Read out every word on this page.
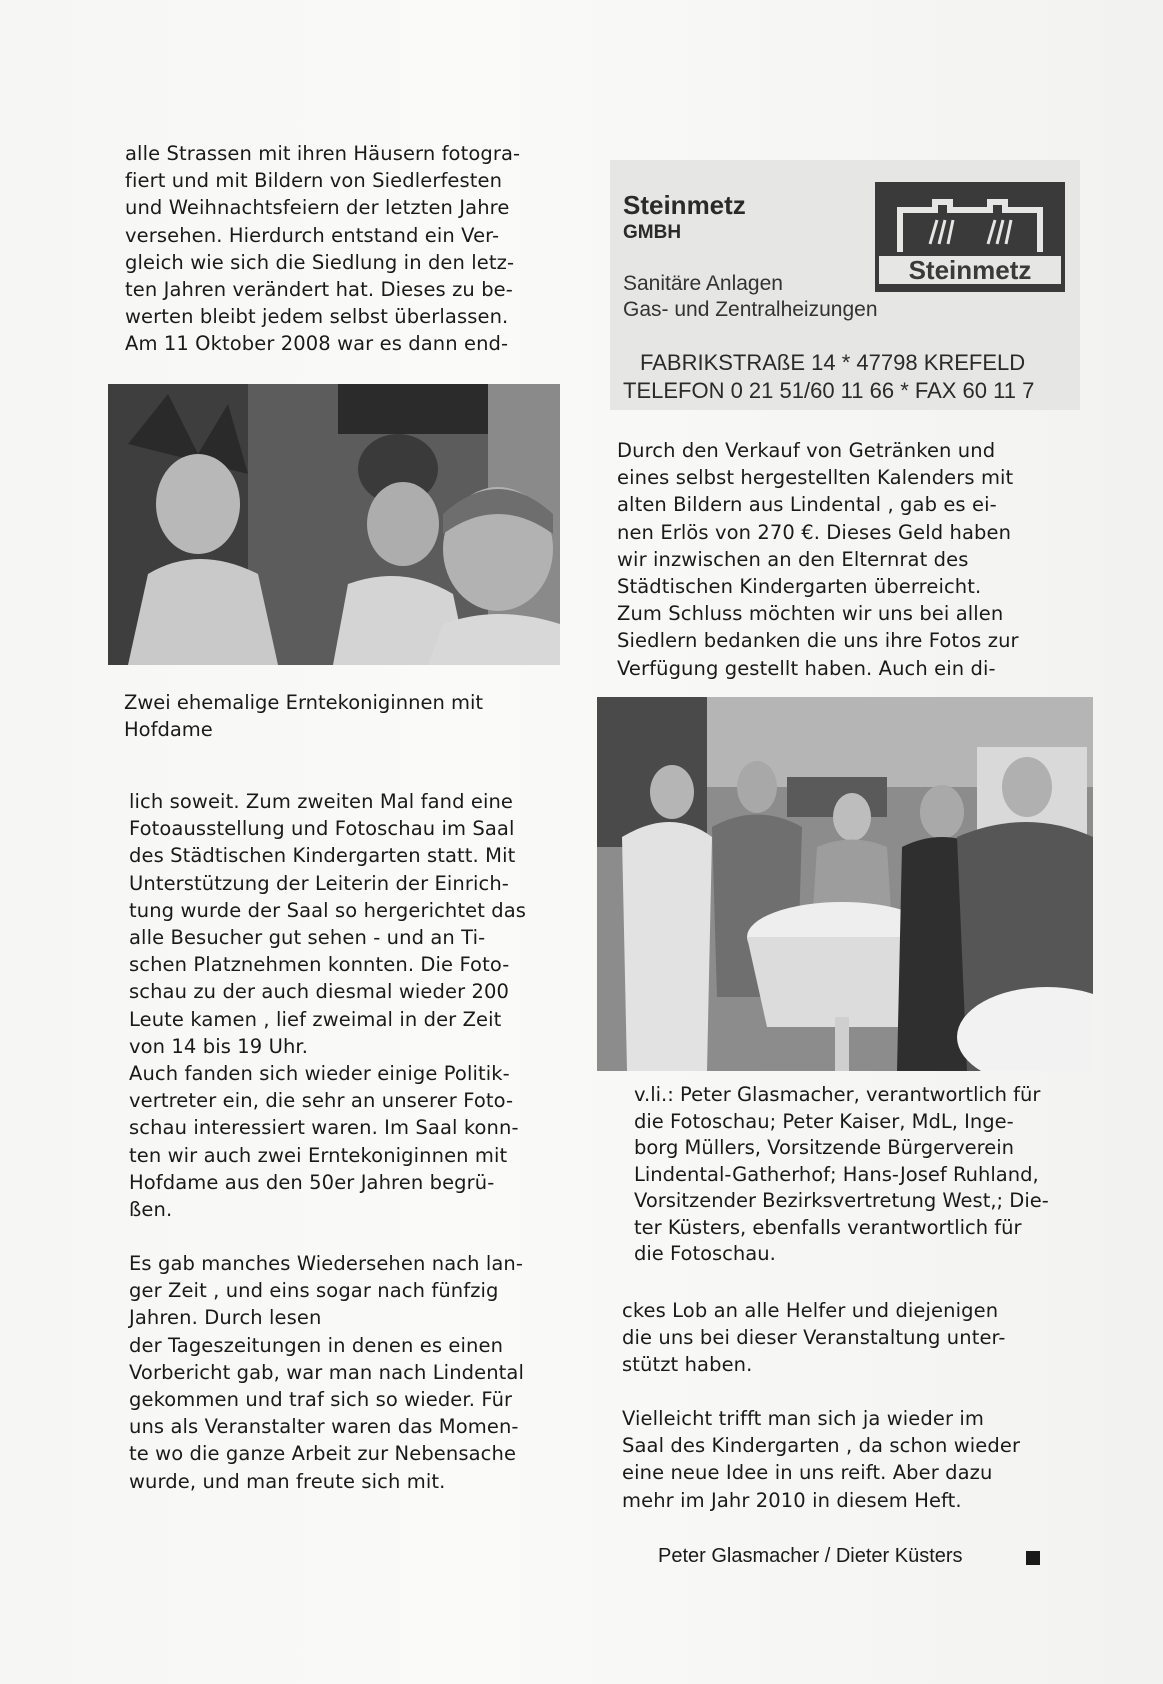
alle Strassen mit ihren Häusern fotogra-
fiert und mit Bildern von Siedlerfesten
und Weihnachtsfeiern der letzten Jahre
versehen. Hierdurch entstand ein Ver-
gleich wie sich die Siedlung in den letz-
ten Jahren verändert hat. Dieses zu be-
werten bleibt jedem selbst überlassen.
Am 11 Oktober 2008 war es dann end-
Zwei ehemalige Erntekoniginnen mit
Hofdame
lich soweit. Zum zweiten Mal fand eine
Fotoausstellung und Fotoschau im Saal
des Städtischen Kindergarten statt. Mit
Unterstützung der Leiterin der Einrich-
tung wurde der Saal so hergerichtet das
alle Besucher gut sehen - und an Ti-
schen Platznehmen konnten. Die Foto-
schau zu der auch diesmal wieder 200
Leute kamen , lief zweimal in der Zeit
von 14 bis 19 Uhr.
Auch fanden sich wieder einige Politik-
vertreter ein, die sehr an unserer Foto-
schau interessiert waren. Im Saal konn-
ten wir auch zwei Erntekoniginnen mit
Hofdame aus den 50er Jahren begrü-
ßen.
Es gab manches Wiedersehen nach lan-
ger Zeit , und eins sogar nach fünfzig
Jahren. Durch lesen
der Tageszeitungen in denen es einen
Vorbericht gab, war man nach Lindental
gekommen und traf sich so wieder. Für
uns als Veranstalter waren das Momen-
te wo die ganze Arbeit zur Nebensache
wurde, und man freute sich mit.
Steinmetz
GMBH
Steinmetz
Sanitäre Anlagen
Gas- und Zentralheizungen
FABRIKSTRAßE 14 * 47798 KREFELD
TELEFON 0 21 51/60 11 66 * FAX 60 11 7
Durch den Verkauf von Getränken und
eines selbst hergestellten Kalenders mit
alten Bildern aus Lindental , gab es ei-
nen Erlös von 270 €. Dieses Geld haben
wir inzwischen an den Elternrat des
Städtischen Kindergarten überreicht.
Zum Schluss möchten wir uns bei allen
Siedlern bedanken die uns ihre Fotos zur
Verfügung gestellt haben. Auch ein di-
v.li.: Peter Glasmacher, verantwortlich für
die Fotoschau; Peter Kaiser, MdL, Inge-
borg Müllers, Vorsitzende Bürgerverein
Lindental-Gatherhof; Hans-Josef Ruhland,
Vorsitzender Bezirksvertretung West,; Die-
ter Küsters, ebenfalls verantwortlich für
die Fotoschau.
ckes Lob an alle Helfer und diejenigen
die uns bei dieser Veranstaltung unter-
stützt haben.
Vielleicht trifft man sich ja wieder im
Saal des Kindergarten , da schon wieder
eine neue Idee in uns reift. Aber dazu
mehr im Jahr 2010 in diesem Heft.
Peter Glasmacher / Dieter Küsters
